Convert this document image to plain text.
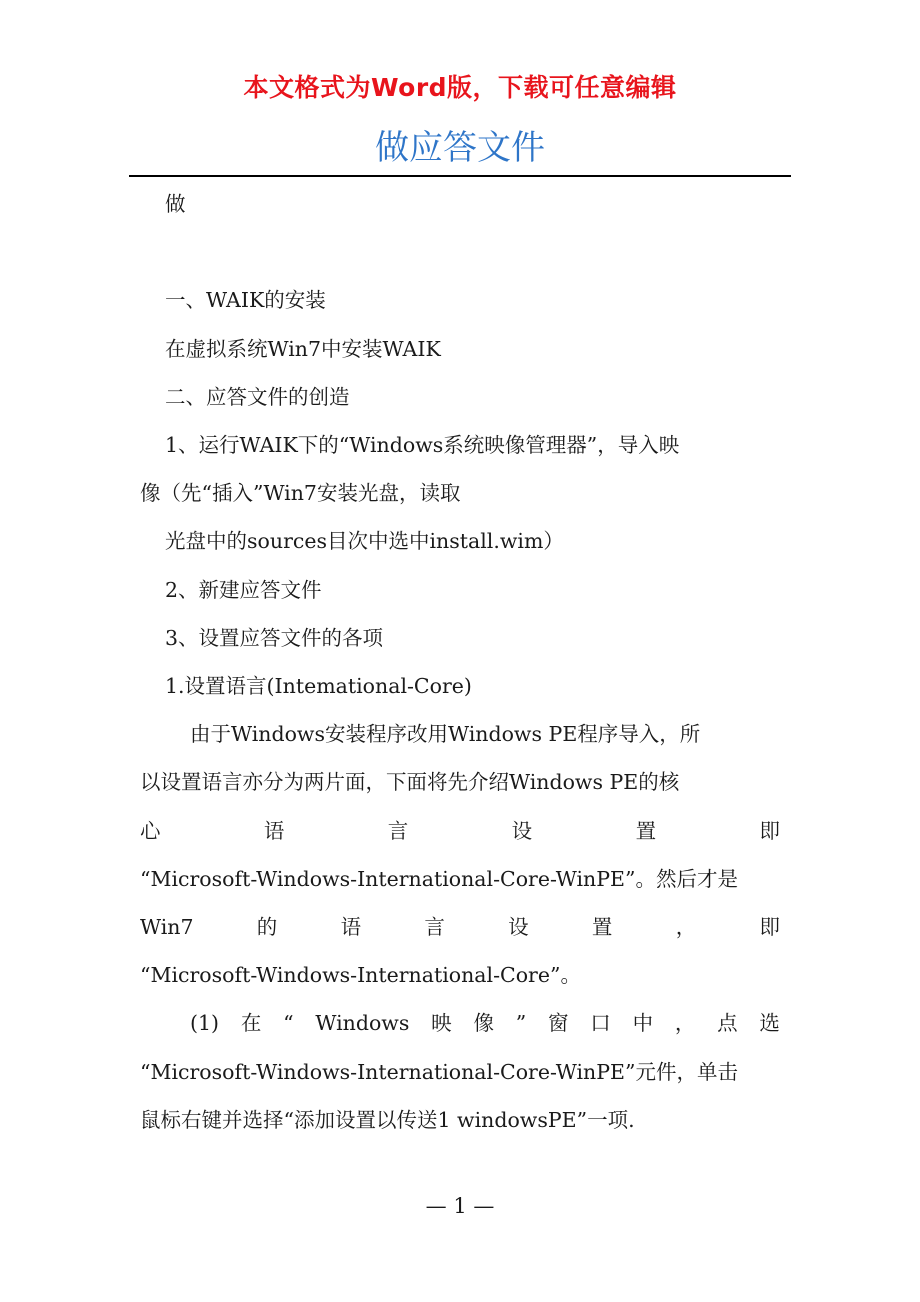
本文格式为Word版，下载可任意编辑
做应答文件
做
一、WAIK的安装
在虚拟系统Win7中安装WAIK
二、应答文件的创造
1、运行WAIK下的“Windows系统映像管理器”，导入映
像（先“插入”Win7安装光盘，读取
光盘中的sources目次中选中install.wim）
2、新建应答文件
3、设置应答文件的各项
1.设置语言(Intemational-Core)
由于Windows安装程序改用Windows PE程序导入，所
以设置语言亦分为两片面，下面将先介绍Windows PE的核
心	语	言	设	置	即
“Microsoft-Windows-International-Core-WinPE”。然后才是
Win7	的	语	言	设	置	，	即
“Microsoft-Windows-International-Core”。
(1) 在 “ Windows 映 像 ” 窗 口 中 ， 点 选
“Microsoft-Windows-International-Core-WinPE”元件，单击
鼠标右键并选择“添加设置以传送1 windowsPE”一项.
— 1 —
